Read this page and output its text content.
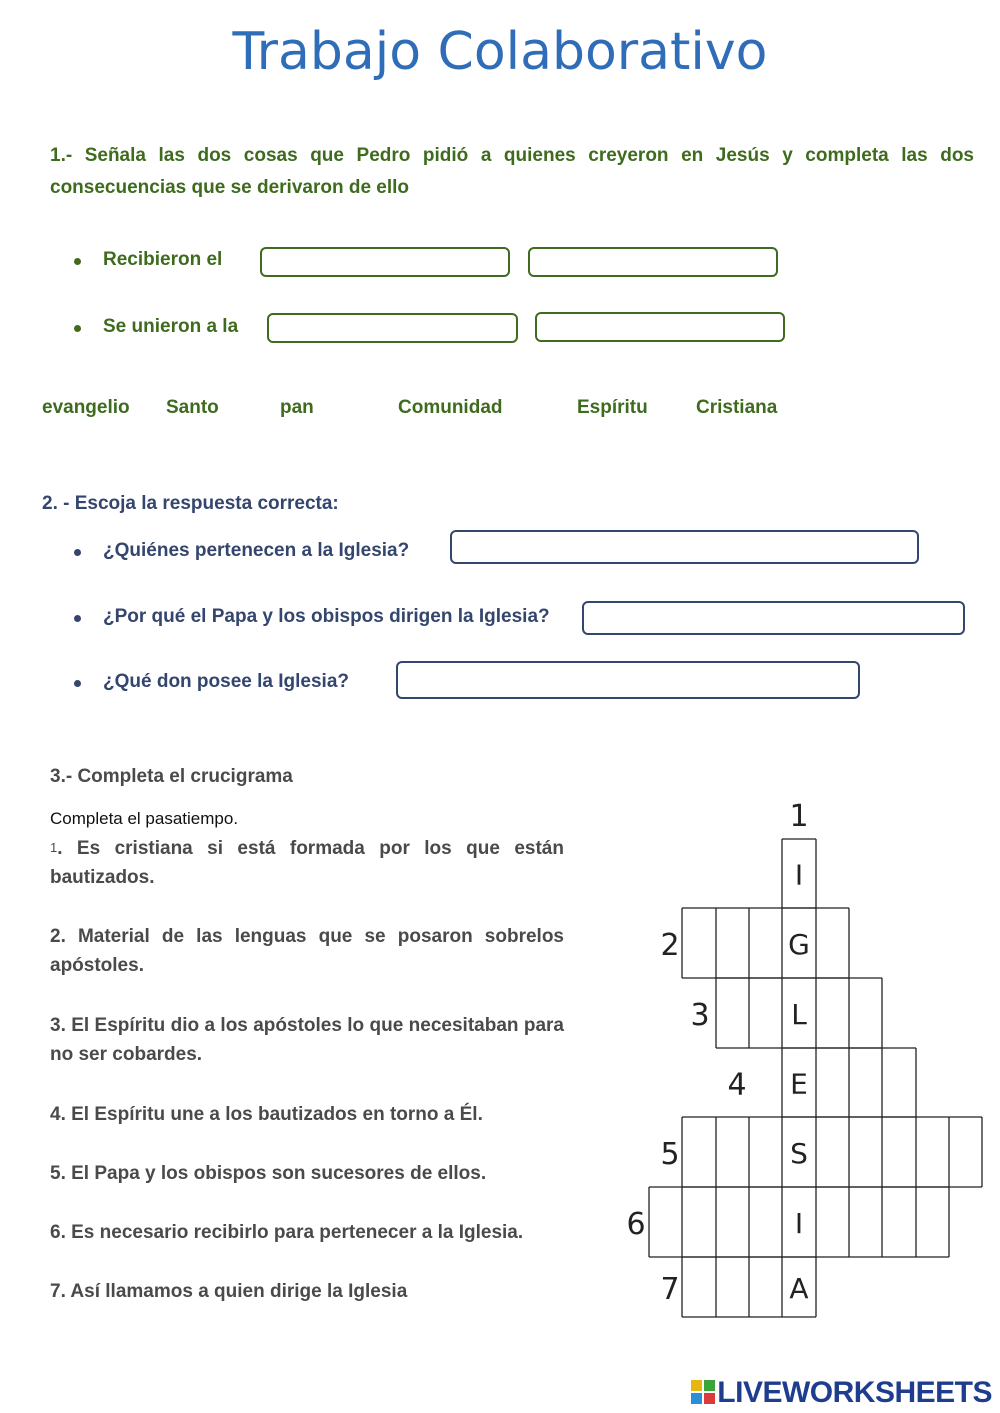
Trabajo Colaborativo
1.- Señala las dos cosas que Pedro pidió a quienes creyeron en Jesús y completa las dos consecuencias que se derivaron de ello
Recibieron el
Se unieron a la
evangelio Santo	pan	Comunidad	Espíritu	Cristiana
2. - Escoja la respuesta correcta:
¿Quiénes pertenecen a la Iglesia?
¿Por qué el Papa y los obispos dirigen la Iglesia?
¿Qué don posee la Iglesia?
3.- Completa el crucigrama
Completa el pasatiempo.
1. Es cristiana si está formada por los que están bautizados.
2. Material de las lenguas que se posaron sobrelos apóstoles.
3. El Espíritu dio a los apóstoles lo que necesitaban para no ser cobardes.
4. El Espíritu une a los bautizados en torno a Él.
5. El Papa y los obispos son sucesores de ellos.
6. Es necesario recibirlo para pertenecer a la Iglesia.
7. Así llamamos a quien dirige la Iglesia
I
G
2
L
3
E
4
S
5
I
6
A
7
1
LIVEWORKSHEETS
